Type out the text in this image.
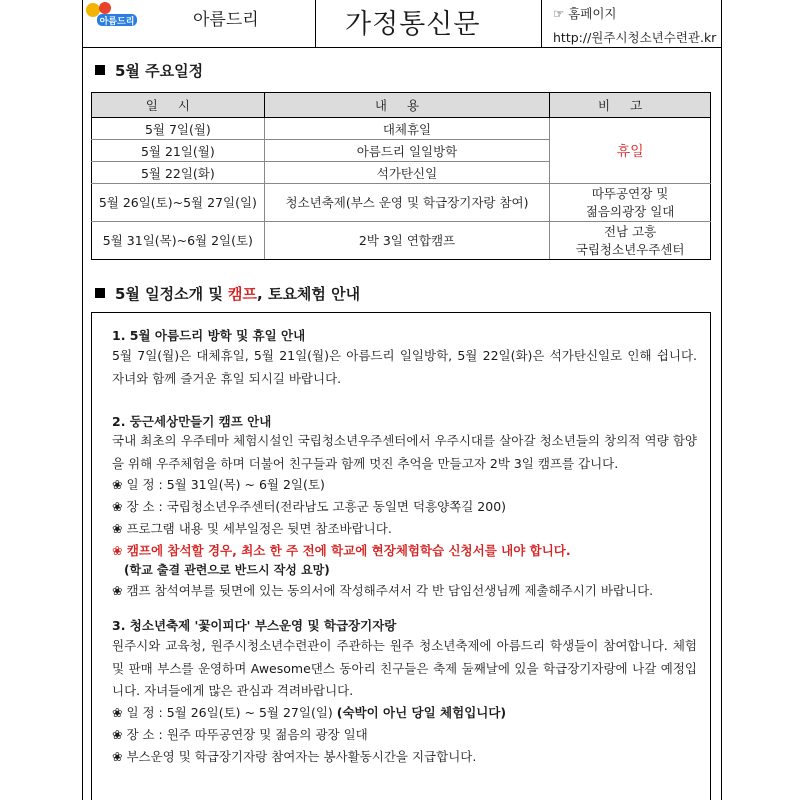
아름드리	아름드리	가정통신문	☞ 홈페이지
http://원주시청소년수련관.kr
5월 주요일정
일시	내용	비고
5월 7일(월)	대체휴일	휴일
5월 21일(월)	아름드리 일일방학	
5월 22일(화)	석가탄신일	
5월 26일(토)~5월 27일(일)	청소년축제(부스 운영 및 학급장기자랑 참여)	따뚜공연장 및
젊음의광장 일대
5월 31일(목)~6월 2일(토)	2박 3일 연합캠프	전남 고흥
국립청소년우주센터
5월 일정소개 및 캠프, 토요체험 안내
1. 5월 아름드리 방학 및 휴일 안내
5월 7일(월)은 대체휴일, 5월 21일(월)은 아름드리 일일방학, 5월 22일(화)은 석가탄신일로 인해 쉽니다. 자녀와 함께 즐거운 휴일 되시길 바랍니다.
2. 둥근세상만들기 캠프 안내
국내 최초의 우주테마 체험시설인 국립청소년우주센터에서 우주시대를 살아갈 청소년들의 창의적 역량 함양을 위해 우주체험을 하며 더불어 친구들과 함께 멋진 추억을 만들고자 2박 3일 캠프를 갑니다.
❀ 일 정 : 5월 31일(목) ~ 6월 2일(토)
❀ 장 소 : 국립청소년우주센터(전라남도 고흥군 동일면 덕흥양쪽길 200)
❀ 프로그램 내용 및 세부일정은 뒷면 참조바랍니다.
❀ 캠프에 참석할 경우, 최소 한 주 전에 학교에 현장체험학습 신청서를 내야 합니다.
(학교 출결 관련으로 반드시 작성 요망)
❀ 캠프 참석여부를 뒷면에 있는 동의서에 작성해주셔서 각 반 담임선생님께 제출해주시기 바랍니다.
3. 청소년축제 '꽃이피다' 부스운영 및 학급장기자랑
원주시와 교육청, 원주시청소년수련관이 주관하는 원주 청소년축제에 아름드리 학생들이 참여합니다. 체험 및 판매 부스를 운영하며 Awesome댄스 동아리 친구들은 축제 둘째날에 있을 학급장기자랑에 나갈 예정입니다. 자녀들에게 많은 관심과 격려바랍니다.
❀ 일 정 : 5월 26일(토) ~ 5월 27일(일) (숙박이 아닌 당일 체험입니다)
❀ 장 소 : 원주 따뚜공연장 및 젊음의 광장 일대
❀ 부스운영 및 학급장기자랑 참여자는 봉사활동시간을 지급합니다.
